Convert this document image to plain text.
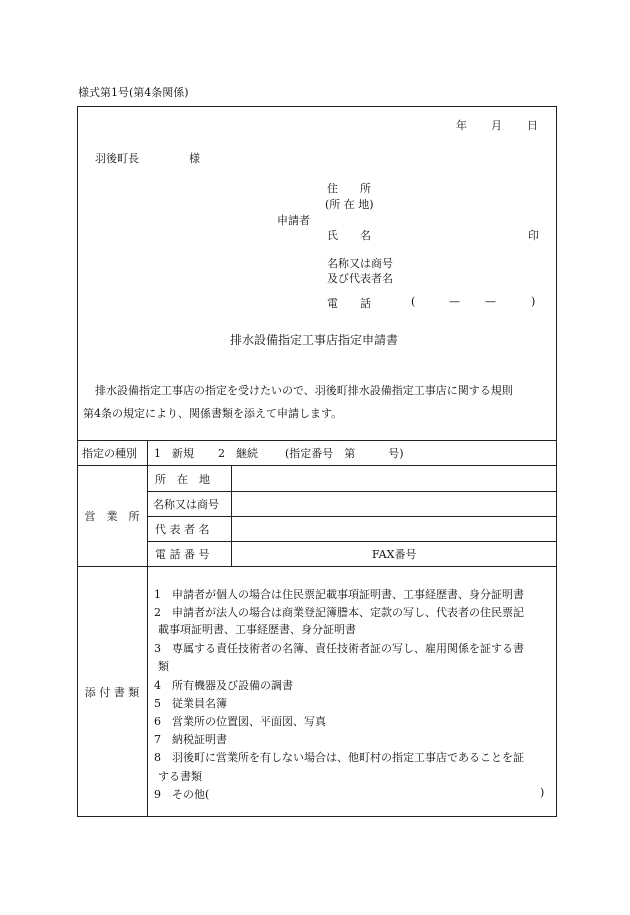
様式第1号(第4条関係)
年 月 日
羽後町長	様
住　　所
(所 在 地)
申請者
氏　　名	印
名称又は商号
及び代表者名
電　　話	(	— —	)
排水設備指定工事店指定申請書
排水設備指定工事店の指定を受けたいので、羽後町排水設備指定工事店に関する規則
第4条の規定により、関係書類を添えて申請します。
指定の種別 1　新規 2　継続 (指定番号　第　　　号)
営　業　所
所　在　地
名称又は商号
代 表 者 名
電 話 番 号	FAX番号
添 付 書 類
1　申請者が個人の場合は住民票記載事項証明書、工事経歴書、身分証明書
2　申請者が法人の場合は商業登記簿謄本、定款の写し、代表者の住民票記
載事項証明書、工事経歴書、身分証明書
3　専属する責任技術者の名簿、責任技術者証の写し、雇用関係を証する書
類
4　所有機器及び設備の調書
5　従業員名簿
6　営業所の位置図、平面図、写真
7　納税証明書
8　羽後町に営業所を有しない場合は、他町村の指定工事店であることを証
する書類
9　その他(	)
